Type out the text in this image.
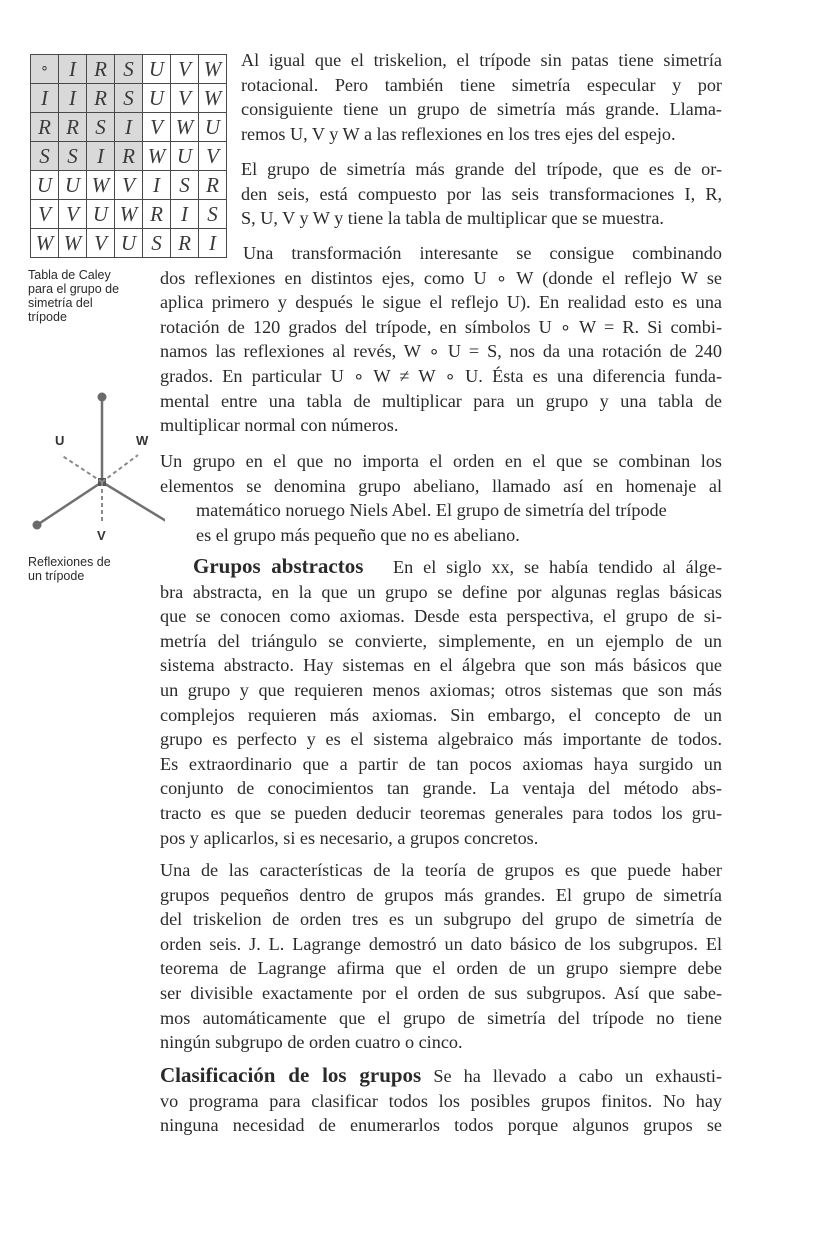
∘	I	R	S	U	V	W
I	I	R	S	U	V	W
R	R	S	I	V	W	U
S	S	I	R	W	U	V
U	U	W	V	I	S	R
V	V	U	W	R	I	S
W	W	V	U	S	R	I
Tabla de Caley
para el grupo de
simetría del
trípode
U	W
V
Reflexiones de
un trípode
Al igual que el triskelion, el trípode sin patas tiene simetría
rotacional. Pero también tiene simetría especular y por
consiguiente tiene un grupo de simetría más grande. Llama-
remos U, V y W a las reflexiones en los tres ejes del espejo.
El grupo de simetría más grande del trípode, que es de or-
den seis, está compuesto por las seis transformaciones I, R,
S, U, V y W y tiene la tabla de multiplicar que se muestra.
Una transformación interesante se consigue combinando
dos reflexiones en distintos ejes, como U ∘ W (donde el reflejo W se
aplica primero y después le sigue el reflejo U). En realidad esto es una
rotación de 120 grados del trípode, en símbolos U ∘ W = R. Si combi-
namos las reflexiones al revés, W ∘ U = S, nos da una rotación de 240
grados. En particular U ∘ W ≠ W ∘ U. Ésta es una diferencia funda-
mental entre una tabla de multiplicar para un grupo y una tabla de
multiplicar normal con números.
Un grupo en el que no importa el orden en el que se combinan los
elementos se denomina grupo abeliano, llamado así en homenaje al
matemático noruego Niels Abel. El grupo de simetría del trípode
es el grupo más pequeño que no es abeliano.
Grupos abstractos En el siglo xx, se había tendido al álge-
bra abstracta, en la que un grupo se define por algunas reglas básicas
que se conocen como axiomas. Desde esta perspectiva, el grupo de si-
metría del triángulo se convierte, simplemente, en un ejemplo de un
sistema abstracto. Hay sistemas en el álgebra que son más básicos que
un grupo y que requieren menos axiomas; otros sistemas que son más
complejos requieren más axiomas. Sin embargo, el concepto de un
grupo es perfecto y es el sistema algebraico más importante de todos.
Es extraordinario que a partir de tan pocos axiomas haya surgido un
conjunto de conocimientos tan grande. La ventaja del método abs-
tracto es que se pueden deducir teoremas generales para todos los gru-
pos y aplicarlos, si es necesario, a grupos concretos.
Una de las características de la teoría de grupos es que puede haber
grupos pequeños dentro de grupos más grandes. El grupo de simetría
del triskelion de orden tres es un subgrupo del grupo de simetría de
orden seis. J. L. Lagrange demostró un dato básico de los subgrupos. El
teorema de Lagrange afirma que el orden de un grupo siempre debe
ser divisible exactamente por el orden de sus subgrupos. Así que sabe-
mos automáticamente que el grupo de simetría del trípode no tiene
ningún subgrupo de orden cuatro o cinco.
Clasificación de los grupos Se ha llevado a cabo un exhausti-
vo programa para clasificar todos los posibles grupos finitos. No hay
ninguna necesidad de enumerarlos todos porque algunos grupos se
